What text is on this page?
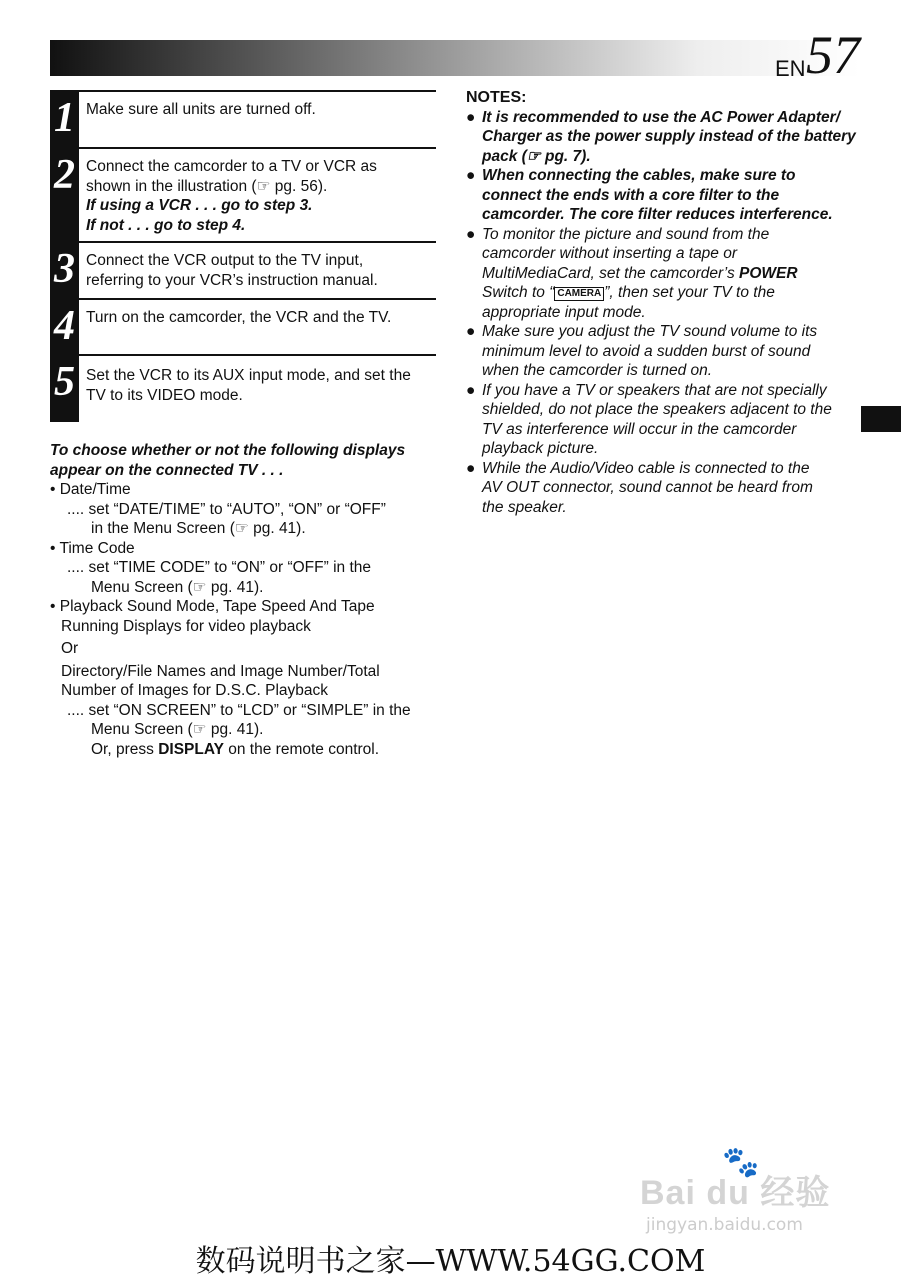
EN 57
1 Make sure all units are turned off.
2 Connect the camcorder to a TV or VCR as
shown in the illustration (☞ pg. 56).
If using a VCR . . . go to step 3.
If not . . . go to step 4.
3 Connect the VCR output to the TV input,
referring to your VCR’s instruction manual.
4 Turn on the camcorder, the VCR and the TV.
5 Set the VCR to its AUX input mode, and set the
TV to its VIDEO mode.
To choose whether or not the following displays
appear on the connected TV . . .
• Date/Time
.... set “DATE/TIME” to “AUTO”, “ON” or “OFF”
in the Menu Screen (☞ pg. 41).
• Time Code
.... set “TIME CODE” to “ON” or “OFF” in the
Menu Screen (☞ pg. 41).
• Playback Sound Mode, Tape Speed And Tape
Running Displays for video playback
Or
Directory/File Names and Image Number/Total
Number of Images for D.S.C. Playback
.... set “ON SCREEN” to “LCD” or “SIMPLE” in the
Menu Screen (☞ pg. 41).
Or, press DISPLAY on the remote control.
NOTES:
● It is recommended to use the AC Power Adapter/
Charger as the power supply instead of the battery
pack (☞ pg. 7).
● When connecting the cables, make sure to
connect the ends with a core filter to the
camcorder. The core filter reduces interference.
● To monitor the picture and sound from the
camcorder without inserting a tape or
MultiMediaCard, set the camcorder’s POWER
Switch to “ CAMERA ”, then set your TV to the
appropriate input mode.
● Make sure you adjust the TV sound volume to its
minimum level to avoid a sudden burst of sound
when the camcorder is turned on.
● If you have a TV or speakers that are not specially
shielded, do not place the speakers adjacent to the
TV as interference will occur in the camcorder
playback picture.
● While the Audio/Video cable is connected to the
AV OUT connector, sound cannot be heard from
the speaker.
🐾
Bai du 经验
jingyan.baidu.com
数码说明书之家—WWW.54GG.COM
